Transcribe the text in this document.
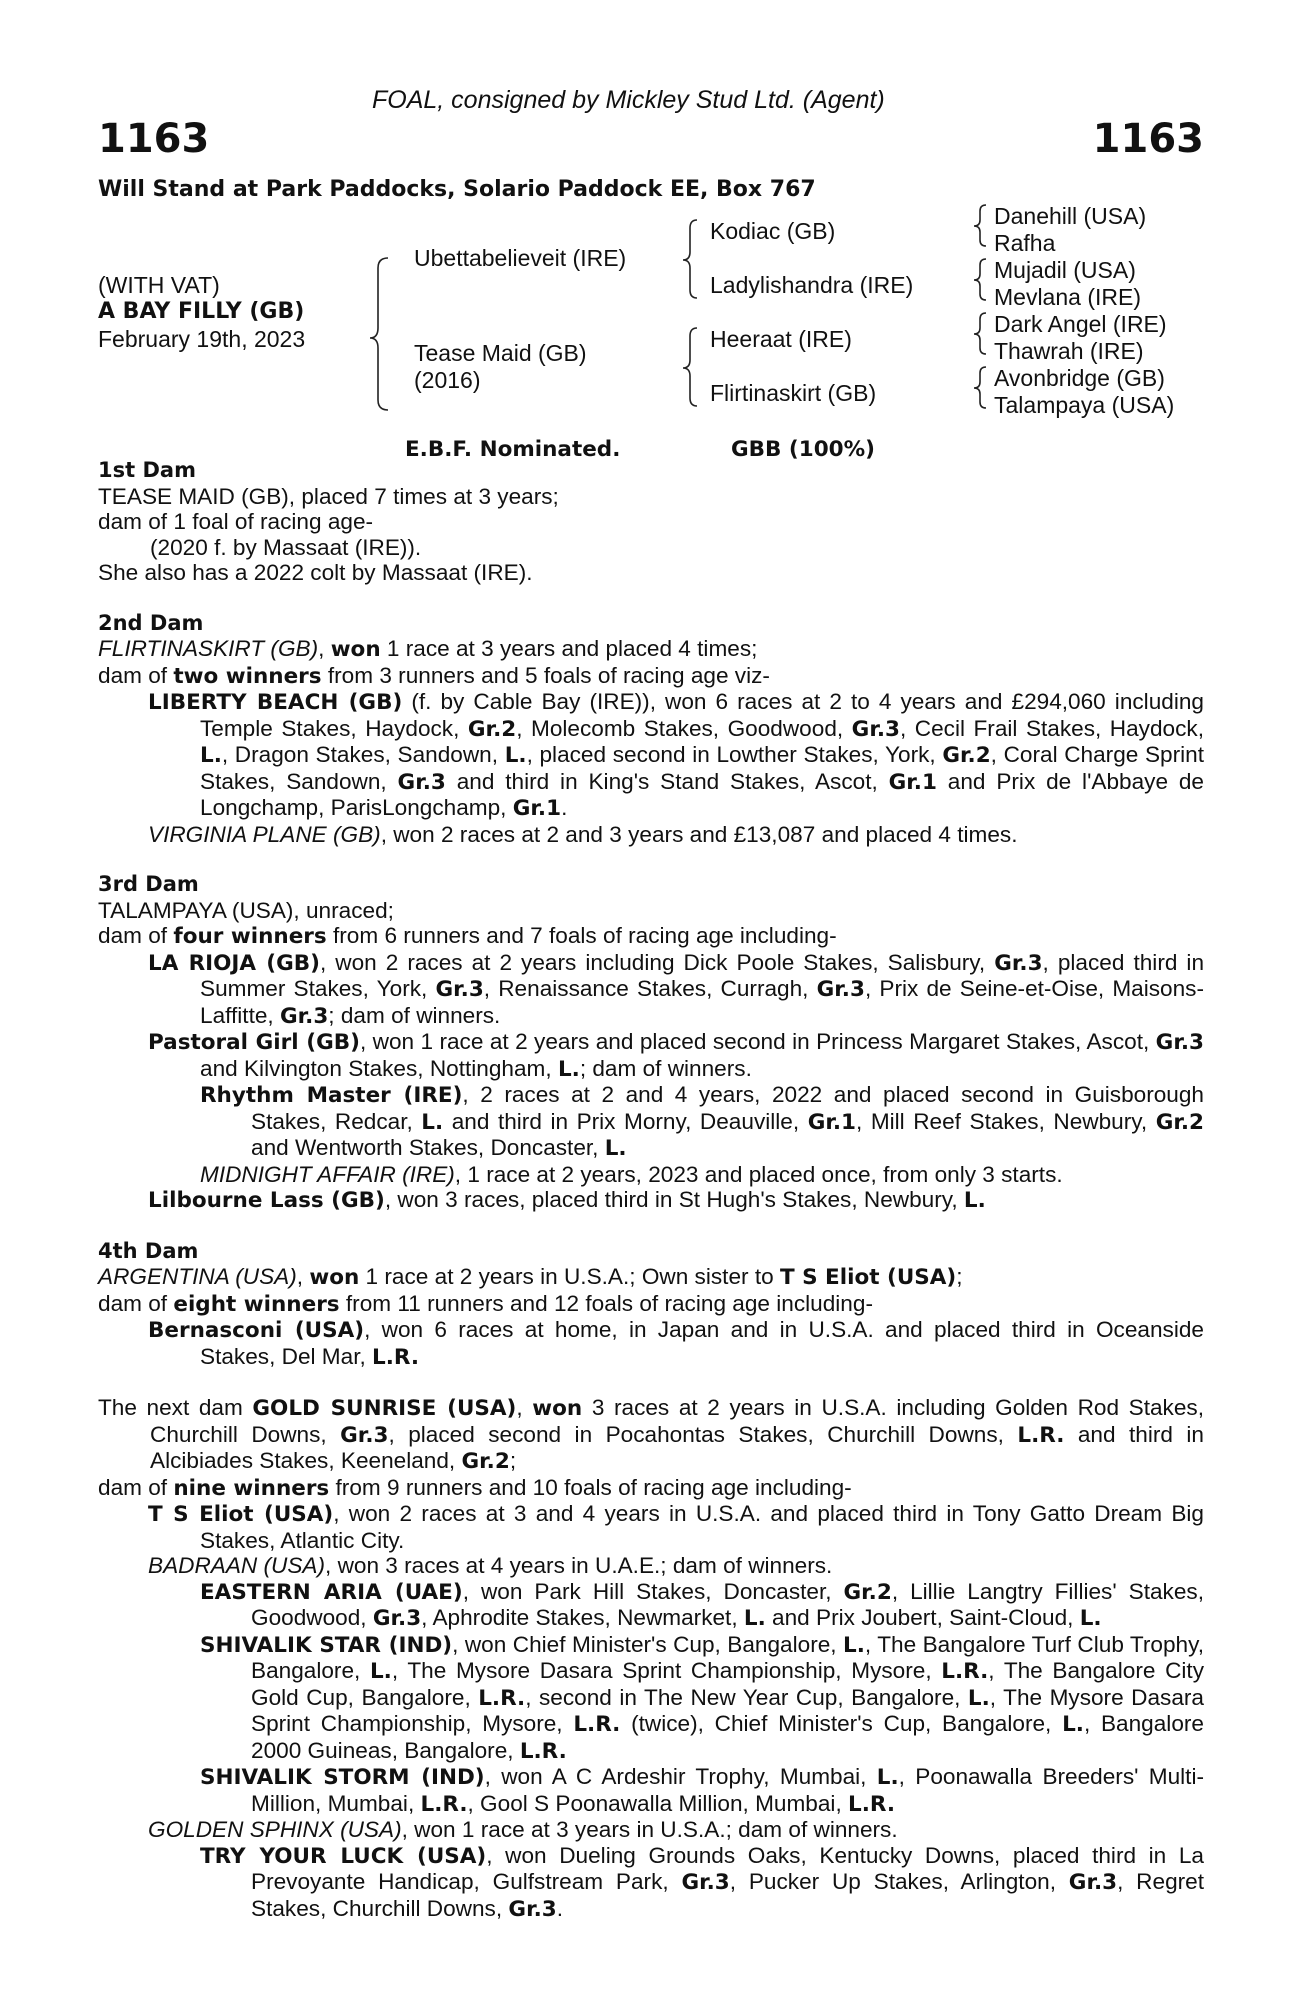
FOAL, consigned by Mickley Stud Ltd. (Agent)
1163	1163
Will Stand at Park Paddocks, Solario Paddock EE, Box 767
(WITH VAT)
A BAY FILLY (GB)
February 19th, 2023
Ubettabelieveit (IRE)
Tease Maid (GB)
(2016)
Kodiac (GB)
Ladylishandra (IRE)
Heeraat (IRE)
Flirtinaskirt (GB)
Danehill (USA)
Rafha
Mujadil (USA)
Mevlana (IRE)
Dark Angel (IRE)
Thawrah (IRE)
Avonbridge (GB)
Talampaya (USA)
E.B.F. Nominated.	GBB (100%)

1st Dam

TEASE MAID (GB), placed 7 times at 3 years;

dam of 1 foal of racing age-

(2020 f. by Massaat (IRE)).

She also has a 2022 colt by Massaat (IRE).

2nd Dam

FLIRTINASKIRT (GB), won 1 race at 3 years and placed 4 times;

dam of two winners from 3 runners and 5 foals of racing age viz-

LIBERTY BEACH (GB) (f. by Cable Bay (IRE)), won 6 races at 2 to 4 years and £294,060 including Temple Stakes, Haydock, Gr.2, Molecomb Stakes, Goodwood, Gr.3, Cecil Frail Stakes, Haydock, L., Dragon Stakes, Sandown, L., placed second in Lowther Stakes, York, Gr.2, Coral Charge Sprint Stakes, Sandown, Gr.3 and third in King's Stand Stakes, Ascot, Gr.1 and Prix de l'Abbaye de Longchamp, ParisLongchamp, Gr.1.

VIRGINIA PLANE (GB), won 2 races at 2 and 3 years and £13,087 and placed 4 times.

3rd Dam

TALAMPAYA (USA), unraced;

dam of four winners from 6 runners and 7 foals of racing age including-

LA RIOJA (GB), won 2 races at 2 years including Dick Poole Stakes, Salisbury, Gr.3, placed third in Summer Stakes, York, Gr.3, Renaissance Stakes, Curragh, Gr.3, Prix de Seine-et-Oise, Maisons-Laffitte, Gr.3; dam of winners.

Pastoral Girl (GB), won 1 race at 2 years and placed second in Princess Margaret Stakes, Ascot, Gr.3 and Kilvington Stakes, Nottingham, L.; dam of winners.

Rhythm Master (IRE), 2 races at 2 and 4 years, 2022 and placed second in Guisborough Stakes, Redcar, L. and third in Prix Morny, Deauville, Gr.1, Mill Reef Stakes, Newbury, Gr.2 and Wentworth Stakes, Doncaster, L.

MIDNIGHT AFFAIR (IRE), 1 race at 2 years, 2023 and placed once, from only 3 starts.

Lilbourne Lass (GB), won 3 races, placed third in St Hugh's Stakes, Newbury, L.

4th Dam

ARGENTINA (USA), won 1 race at 2 years in U.S.A.; Own sister to T S Eliot (USA);

dam of eight winners from 11 runners and 12 foals of racing age including-

Bernasconi (USA), won 6 races at home, in Japan and in U.S.A. and placed third in Oceanside Stakes, Del Mar, L.R.

The next dam GOLD SUNRISE (USA), won 3 races at 2 years in U.S.A. including Golden Rod Stakes, Churchill Downs, Gr.3, placed second in Pocahontas Stakes, Churchill Downs, L.R. and third in Alcibiades Stakes, Keeneland, Gr.2;

dam of nine winners from 9 runners and 10 foals of racing age including-

T S Eliot (USA), won 2 races at 3 and 4 years in U.S.A. and placed third in Tony Gatto Dream Big Stakes, Atlantic City.

BADRAAN (USA), won 3 races at 4 years in U.A.E.; dam of winners.

EASTERN ARIA (UAE), won Park Hill Stakes, Doncaster, Gr.2, Lillie Langtry Fillies' Stakes, Goodwood, Gr.3, Aphrodite Stakes, Newmarket, L. and Prix Joubert, Saint-Cloud, L.

SHIVALIK STAR (IND), won Chief Minister's Cup, Bangalore, L., The Bangalore Turf Club Trophy, Bangalore, L., The Mysore Dasara Sprint Championship, Mysore, L.R., The Bangalore City Gold Cup, Bangalore, L.R., second in The New Year Cup, Bangalore, L., The Mysore Dasara Sprint Championship, Mysore, L.R. (twice), Chief Minister's Cup, Bangalore, L., Bangalore 2000 Guineas, Bangalore, L.R.

SHIVALIK STORM (IND), won A C Ardeshir Trophy, Mumbai, L., Poonawalla Breeders' Multi-Million, Mumbai, L.R., Gool S Poonawalla Million, Mumbai, L.R.

GOLDEN SPHINX (USA), won 1 race at 3 years in U.S.A.; dam of winners.

TRY YOUR LUCK (USA), won Dueling Grounds Oaks, Kentucky Downs, placed third in La Prevoyante Handicap, Gulfstream Park, Gr.3, Pucker Up Stakes, Arlington, Gr.3, Regret Stakes, Churchill Downs, Gr.3.
